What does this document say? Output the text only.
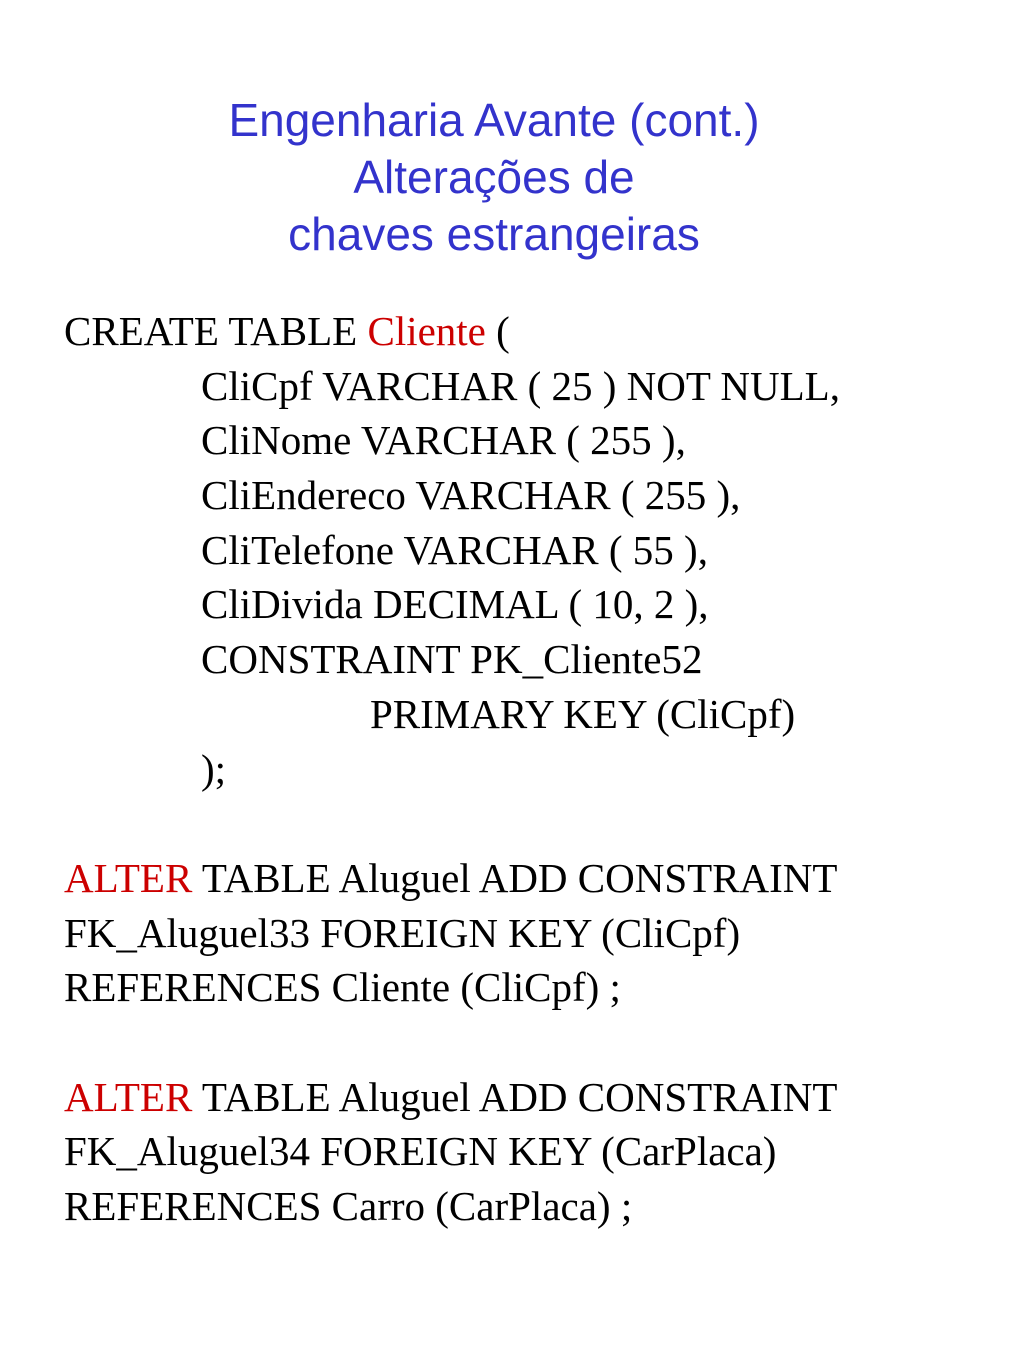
Engenharia Avante (cont.)
Alterações de
chaves estrangeiras
CREATE TABLE Cliente (
CliCpf VARCHAR ( 25 ) NOT NULL,
CliNome VARCHAR ( 255 ),
CliEndereco VARCHAR ( 255 ),
CliTelefone VARCHAR ( 55 ),
CliDivida DECIMAL ( 10, 2 ),
CONSTRAINT PK_Cliente52
PRIMARY KEY (CliCpf)
);
ALTER TABLE Aluguel ADD CONSTRAINT
FK_Aluguel33 FOREIGN KEY (CliCpf)
REFERENCES Cliente (CliCpf) ;
ALTER TABLE Aluguel ADD CONSTRAINT
FK_Aluguel34 FOREIGN KEY (CarPlaca)
REFERENCES Carro (CarPlaca) ;
